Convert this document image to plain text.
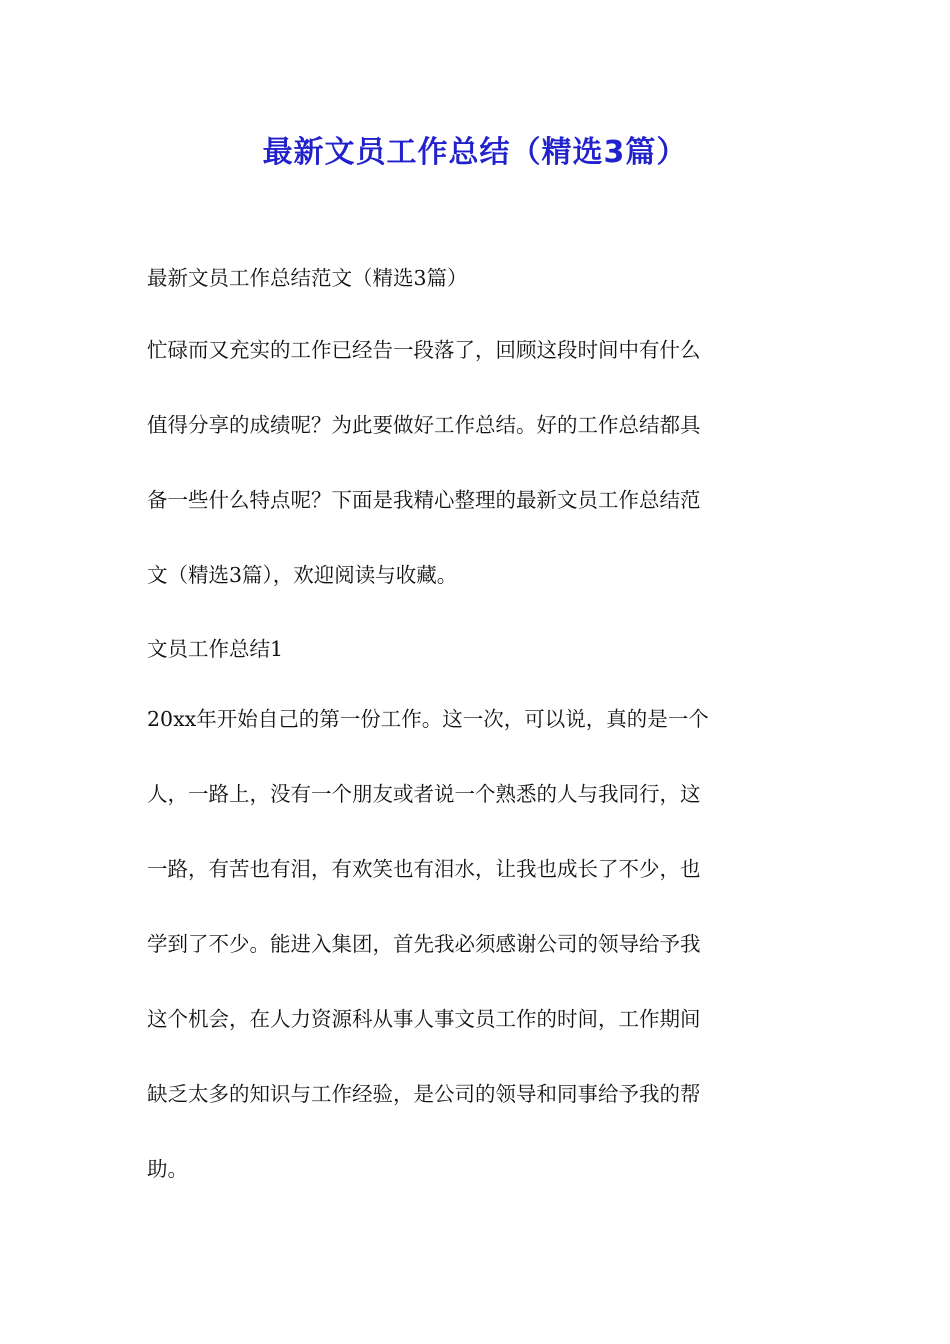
最新文员工作总结（精选3篇）
最新文员工作总结范文（精选3篇）
忙碌而又充实的工作已经告一段落了，回顾这段时间中有什么
值得分享的成绩呢？为此要做好工作总结。好的工作总结都具
备一些什么特点呢？下面是我精心整理的最新文员工作总结范
文（精选3篇），欢迎阅读与收藏。
文员工作总结1
20xx年开始自己的第一份工作。这一次，可以说，真的是一个
人，一路上，没有一个朋友或者说一个熟悉的人与我同行，这
一路，有苦也有泪，有欢笑也有泪水，让我也成长了不少，也
学到了不少。能进入集团，首先我必须感谢公司的领导给予我
这个机会，在人力资源科从事人事文员工作的时间，工作期间
缺乏太多的知识与工作经验，是公司的领导和同事给予我的帮
助。
